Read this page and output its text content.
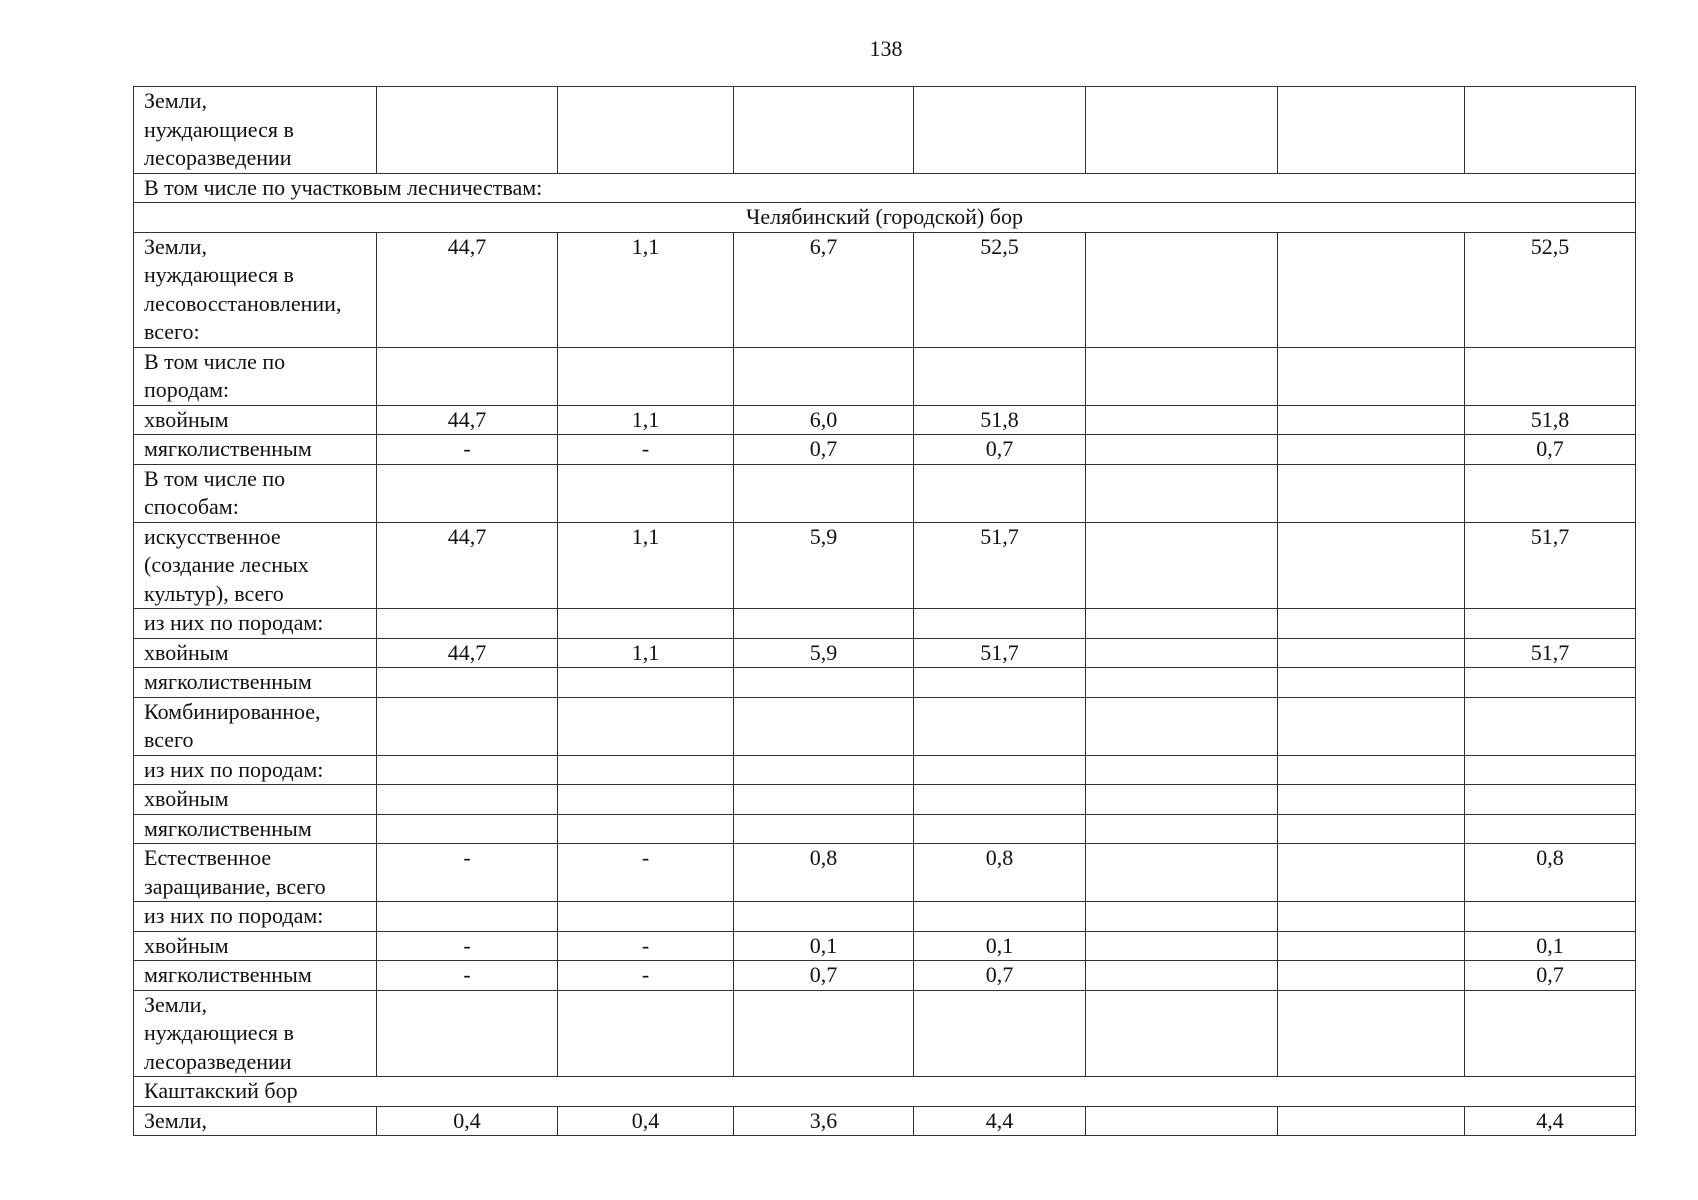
138
Земли,
нуждающиеся в
лесоразведении							

В том числе по участковым лесничествам:							
Челябинский (городской) бор							

Земли,
нуждающиеся в
лесовосстановлении,
всего:	44,7	1,1	6,7	52,5			52,5

В том числе по
породам:							

хвойным	44,7	1,1	6,0	51,8			51,8

мягколиственным	-	-	0,7	0,7			0,7

В том числе по
способам:							

искусственное
(создание лесных
культур), всего	44,7	1,1	5,9	51,7			51,7

из них по породам:							

хвойным	44,7	1,1	5,9	51,7			51,7

мягколиственным							

Комбинированное,
всего							

из них по породам:							

хвойным							

мягколиственным							

Естественное
заращивание, всего	-	-	0,8	0,8			0,8

из них по породам:							

хвойным	-	-	0,1	0,1			0,1

мягколиственным	-	-	0,7	0,7			0,7

Земли,
нуждающиеся в
лесоразведении							

Каштакский бор							

Земли,	0,4	0,4	3,6	4,4			4,4
